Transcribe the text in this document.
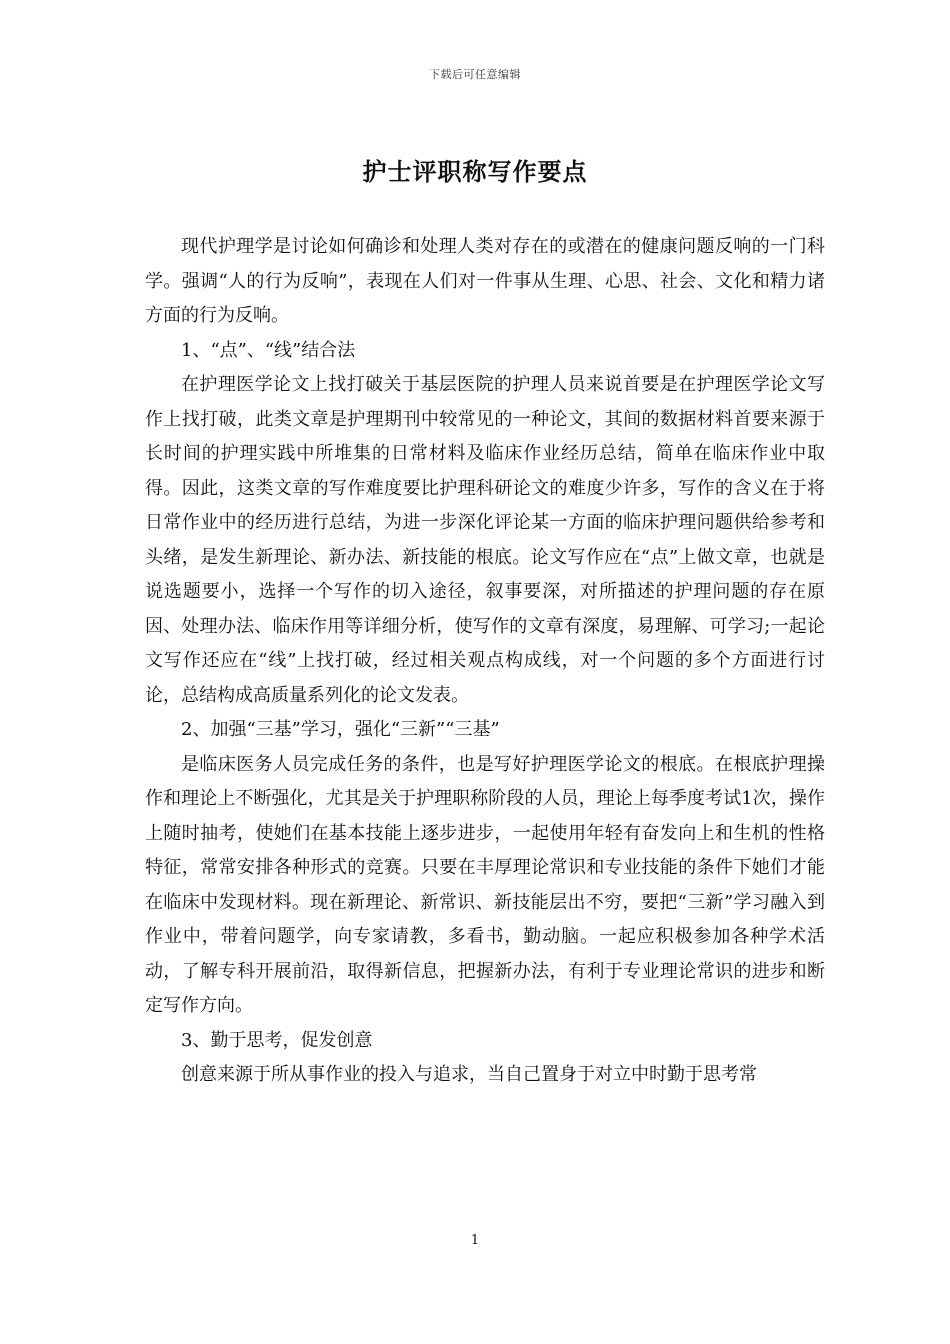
下载后可任意编辑
护士评职称写作要点

现代护理学是讨论如何确诊和处理人类对存在的或潜在的健康问题反响的一门科学。强调“人的行为反响”，表现在人们对一件事从生理、心思、社会、文化和精力诸方面的行为反响。

1、“点”、“线”结合法

在护理医学论文上找打破关于基层医院的护理人员来说首要是在护理医学论文写作上找打破，此类文章是护理期刊中较常见的一种论文，其间的数据材料首要来源于长时间的护理实践中所堆集的日常材料及临床作业经历总结，简单在临床作业中取得。因此，这类文章的写作难度要比护理科研论文的难度少许多，写作的含义在于将日常作业中的经历进行总结，为进一步深化评论某一方面的临床护理问题供给参考和头绪，是发生新理论、新办法、新技能的根底。论文写作应在“点”上做文章，也就是说选题要小，选择一个写作的切入途径，叙事要深，对所描述的护理问题的存在原因、处理办法、临床作用等详细分析，使写作的文章有深度，易理解、可学习;一起论文写作还应在“线”上找打破，经过相关观点构成线，对一个问题的多个方面进行讨论，总结构成高质量系列化的论文发表。

2、加强“三基”学习，强化“三新”“三基”

是临床医务人员完成任务的条件，也是写好护理医学论文的根底。在根底护理操作和理论上不断强化，尤其是关于护理职称阶段的人员，理论上每季度考试1次，操作上随时抽考，使她们在基本技能上逐步进步，一起使用年轻有奋发向上和生机的性格特征，常常安排各种形式的竞赛。只要在丰厚理论常识和专业技能的条件下她们才能在临床中发现材料。现在新理论、新常识、新技能层出不穷，要把“三新”学习融入到作业中，带着问题学，向专家请教，多看书，勤动脑。一起应积极参加各种学术活动，了解专科开展前沿，取得新信息，把握新办法，有利于专业理论常识的进步和断定写作方向。

3、勤于思考，促发创意

创意来源于所从事作业的投入与追求，当自己置身于对立中时勤于思考常

1
